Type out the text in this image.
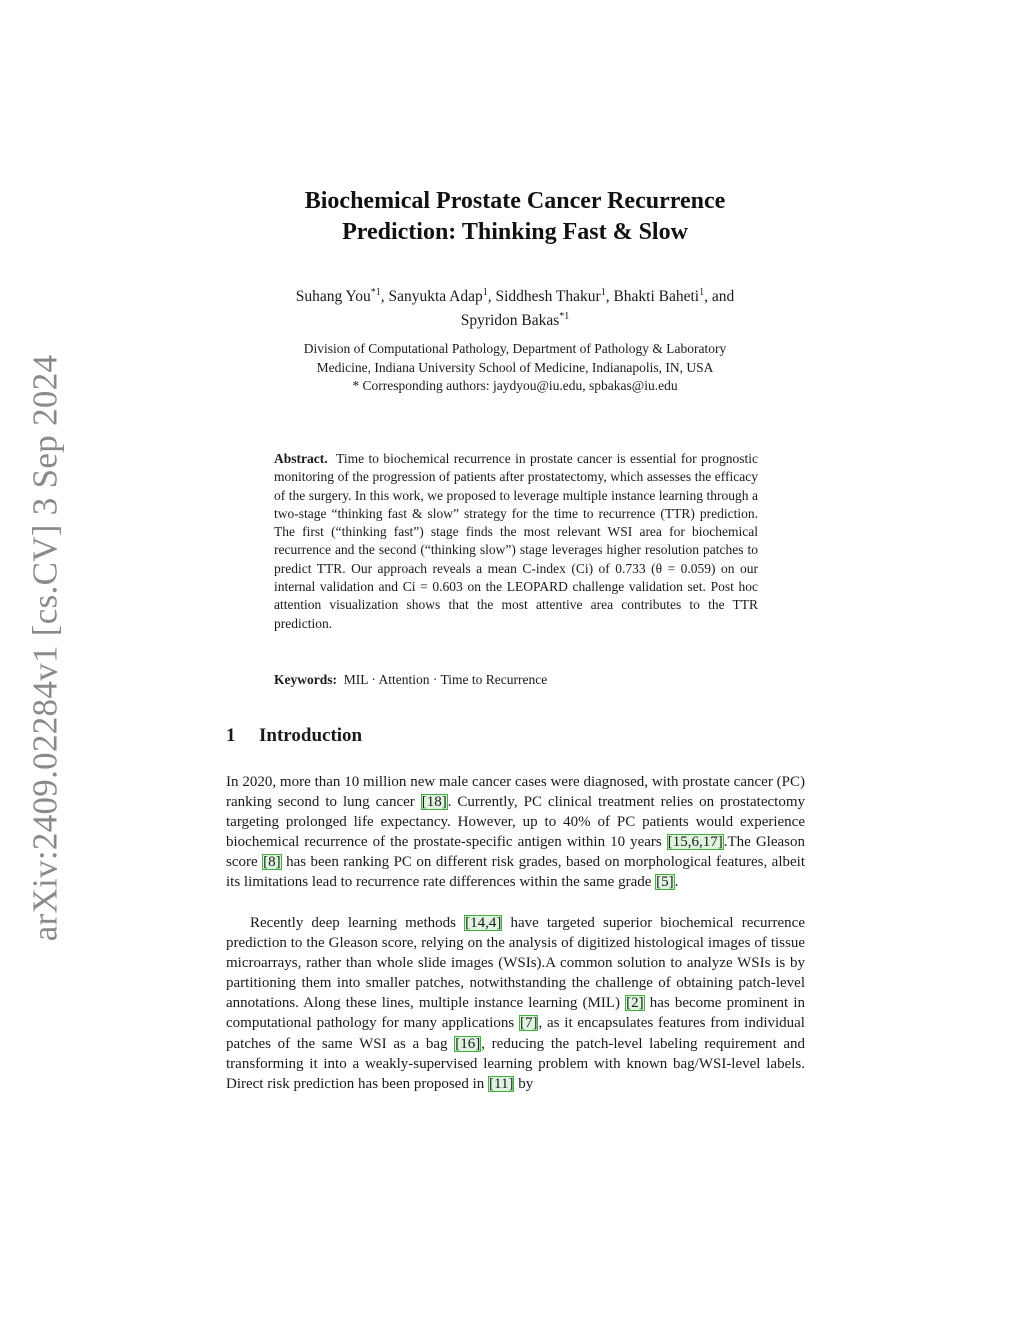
arXiv:2409.02284v1 [cs.CV] 3 Sep 2024
Biochemical Prostate Cancer Recurrence
Prediction: Thinking Fast & Slow
Suhang You$^{*1}$, Sanyukta Adap$^1$, Siddhesh Thakur$^1$, Bhakti Baheti$^1$, and
Spyridon Bakas$^{*1}$
Division of Computational Pathology, Department of Pathology & Laboratory
Medicine, Indiana University School of Medicine, Indianapolis, IN, USA
* Corresponding authors: jaydyou@iu.edu, spbakas@iu.edu
Abstract. Time to biochemical recurrence in prostate cancer is essential for prognostic monitoring of the progression of patients after prostatectomy, which assesses the efficacy of the surgery. In this work, we proposed to leverage multiple instance learning through a two-stage “thinking fast & slow” strategy for the time to recurrence (TTR) prediction. The first (“thinking fast”) stage finds the most relevant WSI area for biochemical recurrence and the second (“thinking slow”) stage leverages higher resolution patches to predict TTR. Our approach reveals a mean C-index (Ci) of 0.733 (θ = 0.059) on our internal validation and Ci = 0.603 on the LEOPARD challenge validation set. Post hoc attention visualization shows that the most attentive area contributes to the TTR prediction.
Keywords: MIL · Attention · Time to Recurrence
1 Introduction
In 2020, more than 10 million new male cancer cases were diagnosed, with prostate cancer (PC) ranking second to lung cancer [18]. Currently, PC clinical treatment relies on prostatectomy targeting prolonged life expectancy. However, up to 40% of PC patients would experience biochemical recurrence of the prostate-specific antigen within 10 years [15,6,17].The Gleason score [8] has been ranking PC on different risk grades, based on morphological features, albeit its limitations lead to recurrence rate differences within the same grade [5].
Recently deep learning methods [14,4] have targeted superior biochemical recurrence prediction to the Gleason score, relying on the analysis of digitized histological images of tissue microarrays, rather than whole slide images (WSIs).A common solution to analyze WSIs is by partitioning them into smaller patches, notwithstanding the challenge of obtaining patch-level annotations. Along these lines, multiple instance learning (MIL) [2] has become prominent in computational pathology for many applications [7], as it encapsulates features from individual patches of the same WSI as a bag [16], reducing the patch-level labeling requirement and transforming it into a weakly-supervised learning problem with known bag/WSI-level labels. Direct risk prediction has been proposed in [11] by
